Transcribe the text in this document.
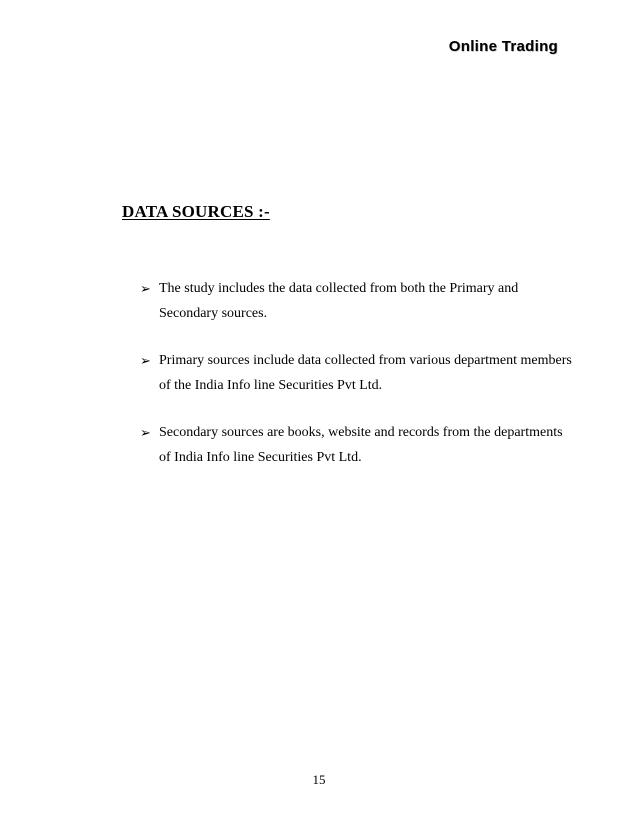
Online Trading
DATA SOURCES :-
➢ The study includes the data collected from both the Primary and
Secondary sources.
➢ Primary sources include data collected from various department members
of the India Info line Securities Pvt Ltd.
➢ Secondary sources are books, website and records from the departments
of India Info line Securities Pvt Ltd.
15
